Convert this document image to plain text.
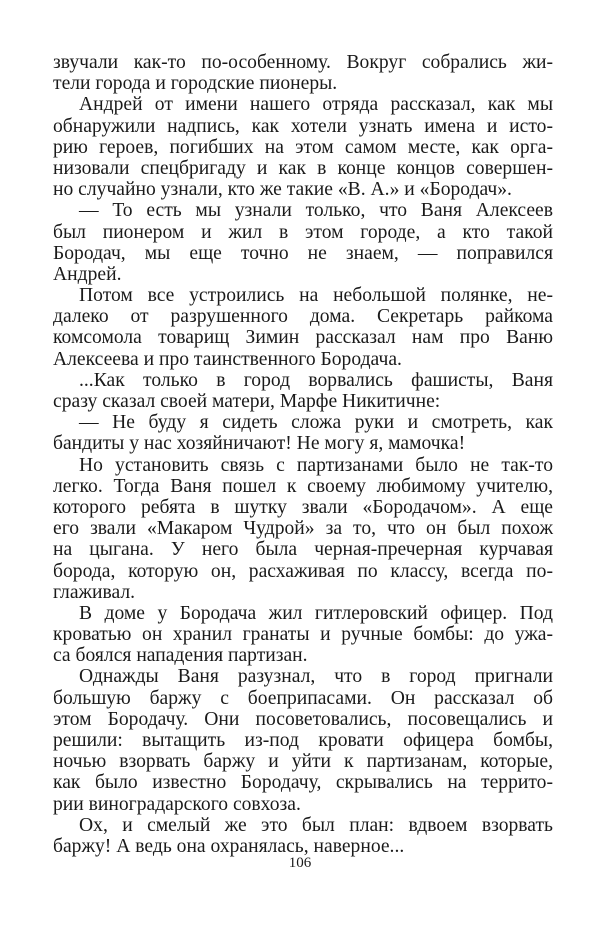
звучали как-то по-особенному. Вокруг собрались жи-
тели города и городские пионеры.
Андрей от имени нашего отряда рассказал, как мы
обнаружили надпись, как хотели узнать имена и исто-
рию героев, погибших на этом самом месте, как орга-
низовали спецбригаду и как в конце концов совершен-
но случайно узнали, кто же такие «В. А.» и «Бородач».
— То есть мы узнали только, что Ваня Алексеев
был пионером и жил в этом городе, а кто такой
Бородач, мы еще точно не знаем, — поправился
Андрей.
Потом все устроились на небольшой полянке, не-
далеко от разрушенного дома. Секретарь райкома
комсомола товарищ Зимин рассказал нам про Ваню
Алексеева и про таинственного Бородача.
...Как только в город ворвались фашисты, Ваня
сразу сказал своей матери, Марфе Никитичне:
— Не буду я сидеть сложа руки и смотреть, как
бандиты у нас хозяйничают! Не могу я, мамочка!
Но установить связь с партизанами было не так-то
легко. Тогда Ваня пошел к своему любимому учителю,
которого ребята в шутку звали «Бородачом». А еще
его звали «Макаром Чудрой» за то, что он был похож
на цыгана. У него была черная-пречерная курчавая
борода, которую он, расхаживая по классу, всегда по-
глаживал.
В доме у Бородача жил гитлеровский офицер. Под
кроватью он хранил гранаты и ручные бомбы: до ужа-
са боялся нападения партизан.
Однажды Ваня разузнал, что в город пригнали
большую баржу с боеприпасами. Он рассказал об
этом Бородачу. Они посоветовались, посовещались и
решили: вытащить из-под кровати офицера бомбы,
ночью взорвать баржу и уйти к партизанам, которые,
как было известно Бородачу, скрывались на террито-
рии виноградарского совхоза.
Ох, и смелый же это был план: вдвоем взорвать
баржу! А ведь она охранялась, наверное...
106
